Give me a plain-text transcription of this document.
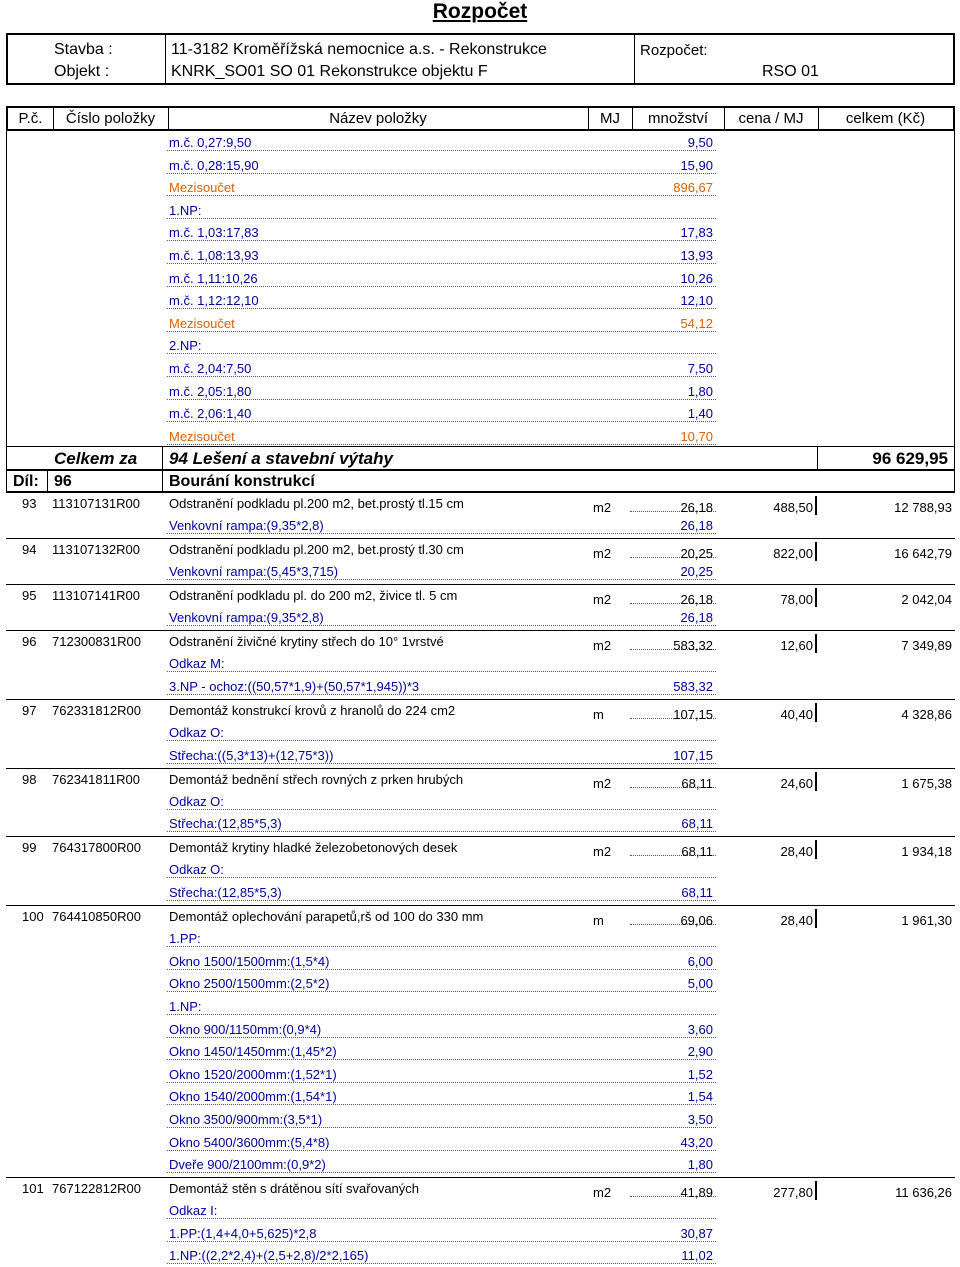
Rozpočet
Stavba :
Objekt :
11-3182 Kroměřížská nemocnice a.s. - Rekonstrukce
KNRK_SO01 SO 01 Rekonstrukce objektu F
Rozpočet:
RSO 01
P.č.	Číslo položky	Název položky	MJ	množství	cena / MJ	celkem (Kč)
m.č. 0,27:9,50	9,50
m.č. 0,28:15,90	15,90
Mezisoučet	896,67
1.NP:
m.č. 1,03:17,83	17,83
m.č. 1,08:13,93	13,93
m.č. 1,11:10,26	10,26
m.č. 1,12:12,10	12,10
Mezisoučet	54,12
2.NP:
m.č. 2,04:7,50	7,50
m.č. 2,05:1,80	1,80
m.č. 2,06:1,40	1,40
Mezisoučet	10,70
Celkem za 94 Lešení a stavební výtahy	96 629,95
Díl: 96	Bourání konstrukcí
93 113107131R00 Odstranění podkladu pl.200 m2, bet.prostý tl.15 cm	m2	26,18	488,50	12 788,93
Venkovní rampa:(9,35*2,8)	26,18
94 113107132R00 Odstranění podkladu pl.200 m2, bet.prostý tl.30 cm	m2	20,25	822,00	16 642,79
Venkovní rampa:(5,45*3,715)	20,25
95 113107141R00 Odstranění podkladu pl. do 200 m2, živice tl. 5 cm	m2	26,18	78,00	2 042,04
Venkovní rampa:(9,35*2,8)	26,18
96 712300831R00 Odstranění živičné krytiny střech do 10° 1vrstvé	m2	583,32	12,60	7 349,89
Odkaz M:
3.NP - ochoz:((50,57*1,9)+(50,57*1,945))*3	583,32
97 762331812R00 Demontáž konstrukcí krovů z hranolů do 224 cm2	m	107,15	40,40	4 328,86
Odkaz O:
Střecha:((5,3*13)+(12,75*3))	107,15
98 762341811R00 Demontáž bednění střech rovných z prken hrubých	m2	68,11	24,60	1 675,38
Odkaz O:
Střecha:(12,85*5,3)	68,11
99 764317800R00 Demontáž krytiny hladké železobetonových desek	m2	68,11	28,40	1 934,18
Odkaz O:
Střecha:(12,85*5,3)	68,11
100 764410850R00 Demontáž oplechování parapetů,rš od 100 do 330 mm	m	69,06	28,40	1 961,30
1.PP:
Okno 1500/1500mm:(1,5*4)	6,00
Okno 2500/1500mm:(2,5*2)	5,00
1.NP:
Okno 900/1150mm:(0,9*4)	3,60
Okno 1450/1450mm:(1,45*2)	2,90
Okno 1520/2000mm:(1,52*1)	1,52
Okno 1540/2000mm:(1,54*1)	1,54
Okno 3500/900mm:(3,5*1)	3,50
Okno 5400/3600mm:(5,4*8)	43,20
Dveře 900/2100mm:(0,9*2)	1,80
101 767122812R00 Demontáž stěn s drátěnou sítí svařovaných	m2	41,89	277,80	11 636,26
Odkaz I:
1.PP:(1,4+4,0+5,625)*2,8	30,87
1.NP:((2,2*2,4)+(2,5+2,8)/2*2,165)	11,02
